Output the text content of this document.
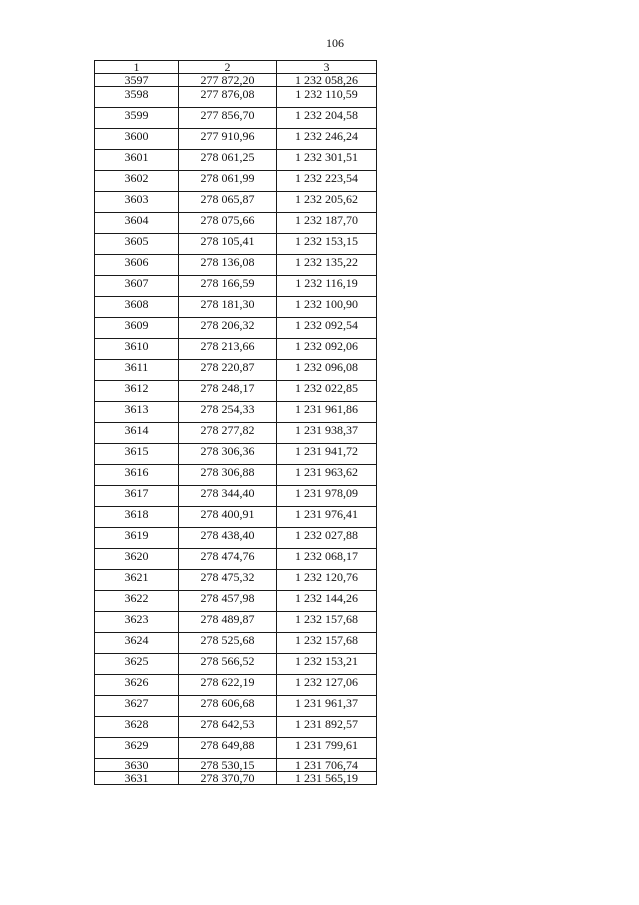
106
1	2	3
3597	277 872,20	1 232 058,26
3598	277 876,08	1 232 110,59
3599	277 856,70	1 232 204,58
3600	277 910,96	1 232 246,24
3601	278 061,25	1 232 301,51
3602	278 061,99	1 232 223,54
3603	278 065,87	1 232 205,62
3604	278 075,66	1 232 187,70
3605	278 105,41	1 232 153,15
3606	278 136,08	1 232 135,22
3607	278 166,59	1 232 116,19
3608	278 181,30	1 232 100,90
3609	278 206,32	1 232 092,54
3610	278 213,66	1 232 092,06
3611	278 220,87	1 232 096,08
3612	278 248,17	1 232 022,85
3613	278 254,33	1 231 961,86
3614	278 277,82	1 231 938,37
3615	278 306,36	1 231 941,72
3616	278 306,88	1 231 963,62
3617	278 344,40	1 231 978,09
3618	278 400,91	1 231 976,41
3619	278 438,40	1 232 027,88
3620	278 474,76	1 232 068,17
3621	278 475,32	1 232 120,76
3622	278 457,98	1 232 144,26
3623	278 489,87	1 232 157,68
3624	278 525,68	1 232 157,68
3625	278 566,52	1 232 153,21
3626	278 622,19	1 232 127,06
3627	278 606,68	1 231 961,37
3628	278 642,53	1 231 892,57
3629	278 649,88	1 231 799,61
3630	278 530,15	1 231 706,74
3631	278 370,70	1 231 565,19
